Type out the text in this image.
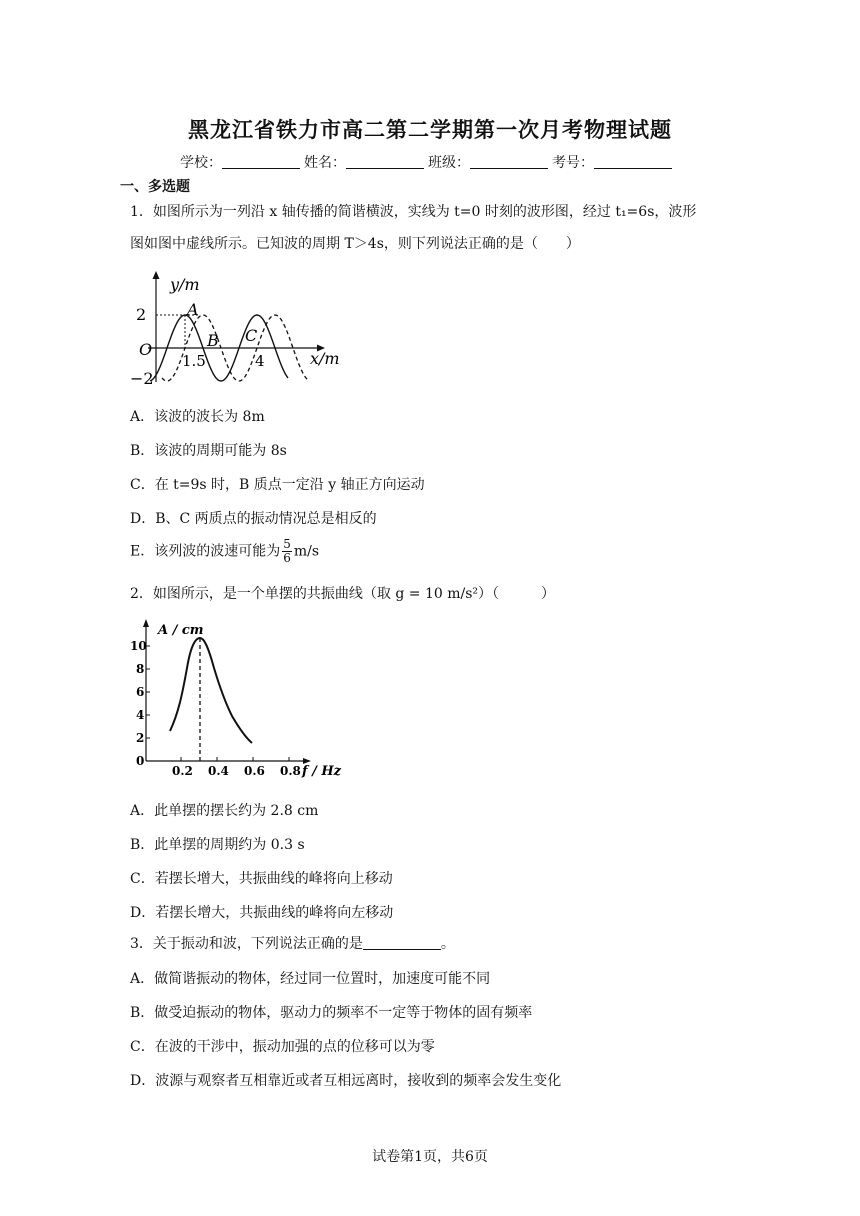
黑龙江省铁力市高二第二学期第一次月考物理试题
学校：	姓名：	班级：	考号：
一、多选题
1．如图所示为一列沿 x 轴传播的简谐横波，实线为 t=0 时刻的波形图，经过 t₁=6s，波形
图如图中虚线所示。已知波的周期 T＞4s，则下列说法正确的是（　　）
y/m
x/m
O
2
−2
1.5	4
A
B C
A．该波的波长为 8m
B．该波的周期可能为 8s
C．在 t=9s 时，B 质点一定沿 y 轴正方向运动
D．B、C 两质点的振动情况总是相反的
E．该列波的波速可能为 $\frac{5}{6} m/s$
2．如图所示，是一个单摆的共振曲线（取 g = 10 m/s²）（　　　）
A / cm
f / Hz
0
10
8
6
4
2
0.2 0.4 0.6 0.8
A．此单摆的摆长约为 2.8 cm
B．此单摆的周期约为 0.3 s
C．若摆长增大，共振曲线的峰将向上移动
D．若摆长增大，共振曲线的峰将向左移动
3．关于振动和波，下列说法正确的是	。
A．做简谐振动的物体，经过同一位置时，加速度可能不同
B．做受迫振动的物体，驱动力的频率不一定等于物体的固有频率
C．在波的干涉中，振动加强的点的位移可以为零
D．波源与观察者互相靠近或者互相远离时，接收到的频率会发生变化
试卷第1页，共6页
